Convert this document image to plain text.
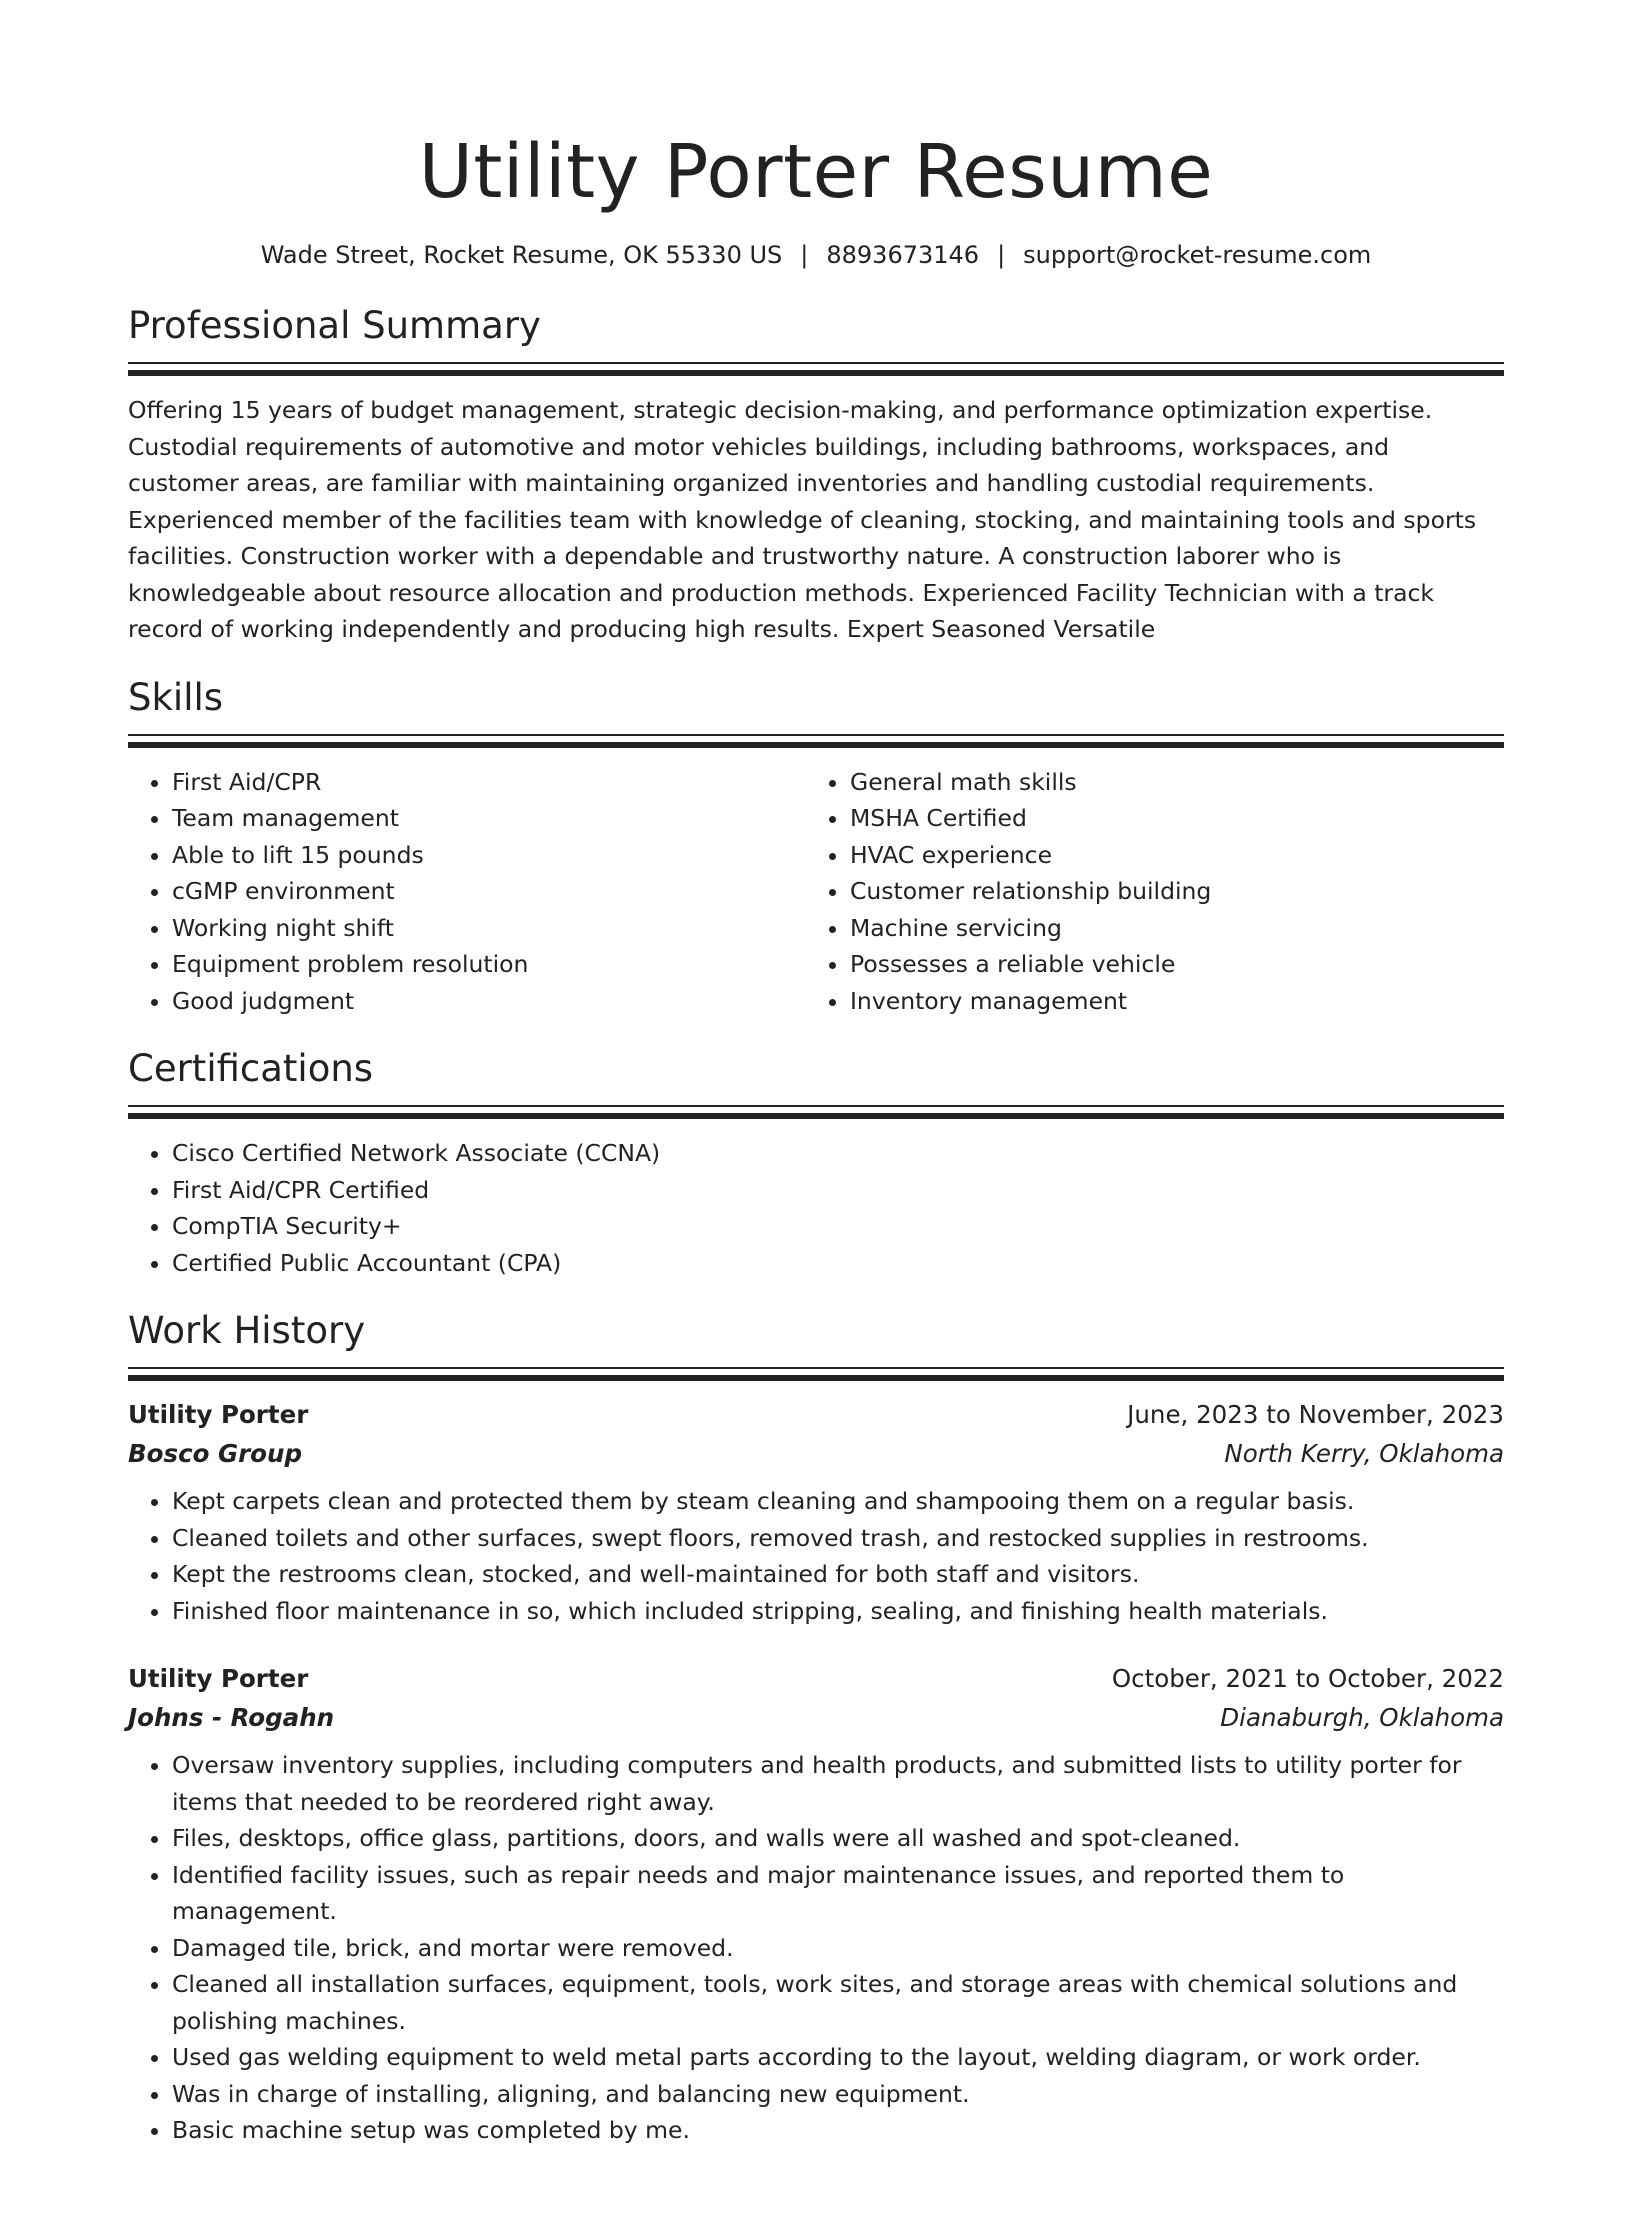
Utility Porter Resume
Wade Street, Rocket Resume, OK 55330 US | 8893673146 | support@rocket-resume.com
Professional Summary

Offering 15 years of budget management, strategic decision-making, and performance optimization expertise. Custodial requirements of automotive and motor vehicles buildings, including bathrooms, workspaces, and customer areas, are familiar with maintaining organized inventories and handling custodial requirements. Experienced member of the facilities team with knowledge of cleaning, stocking, and maintaining tools and sports facilities. Construction worker with a dependable and trustworthy nature. A construction laborer who is knowledgeable about resource allocation and production methods. Experienced Facility Technician with a track record of working independently and producing high results. Expert Seasoned Versatile

Skills
• First Aid/CPR
• Team management
• Able to lift 15 pounds
• cGMP environment
• Working night shift
• Equipment problem resolution
• Good judgment
• General math skills
• MSHA Certified
• HVAC experience
• Customer relationship building
• Machine servicing
• Possesses a reliable vehicle
• Inventory management
Certifications
• Cisco Certified Network Associate (CCNA)
• First Aid/CPR Certified
• CompTIA Security+
• Certified Public Accountant (CPA)
Work History
Utility Porter	June, 2023 to November, 2023
Bosco Group	North Kerry, Oklahoma
• Kept carpets clean and protected them by steam cleaning and shampooing them on a regular basis.
• Cleaned toilets and other surfaces, swept floors, removed trash, and restocked supplies in restrooms.
• Kept the restrooms clean, stocked, and well-maintained for both staff and visitors.
• Finished floor maintenance in so, which included stripping, sealing, and finishing health materials.
Utility Porter	October, 2021 to October, 2022
Johns - Rogahn	Dianaburgh, Oklahoma
• Oversaw inventory supplies, including computers and health products, and submitted lists to utility porter for items that needed to be reordered right away.
• Files, desktops, office glass, partitions, doors, and walls were all washed and spot-cleaned.
• Identified facility issues, such as repair needs and major maintenance issues, and reported them to management.
• Damaged tile, brick, and mortar were removed.
• Cleaned all installation surfaces, equipment, tools, work sites, and storage areas with chemical solutions and polishing machines.
• Used gas welding equipment to weld metal parts according to the layout, welding diagram, or work order.
• Was in charge of installing, aligning, and balancing new equipment.
• Basic machine setup was completed by me.
